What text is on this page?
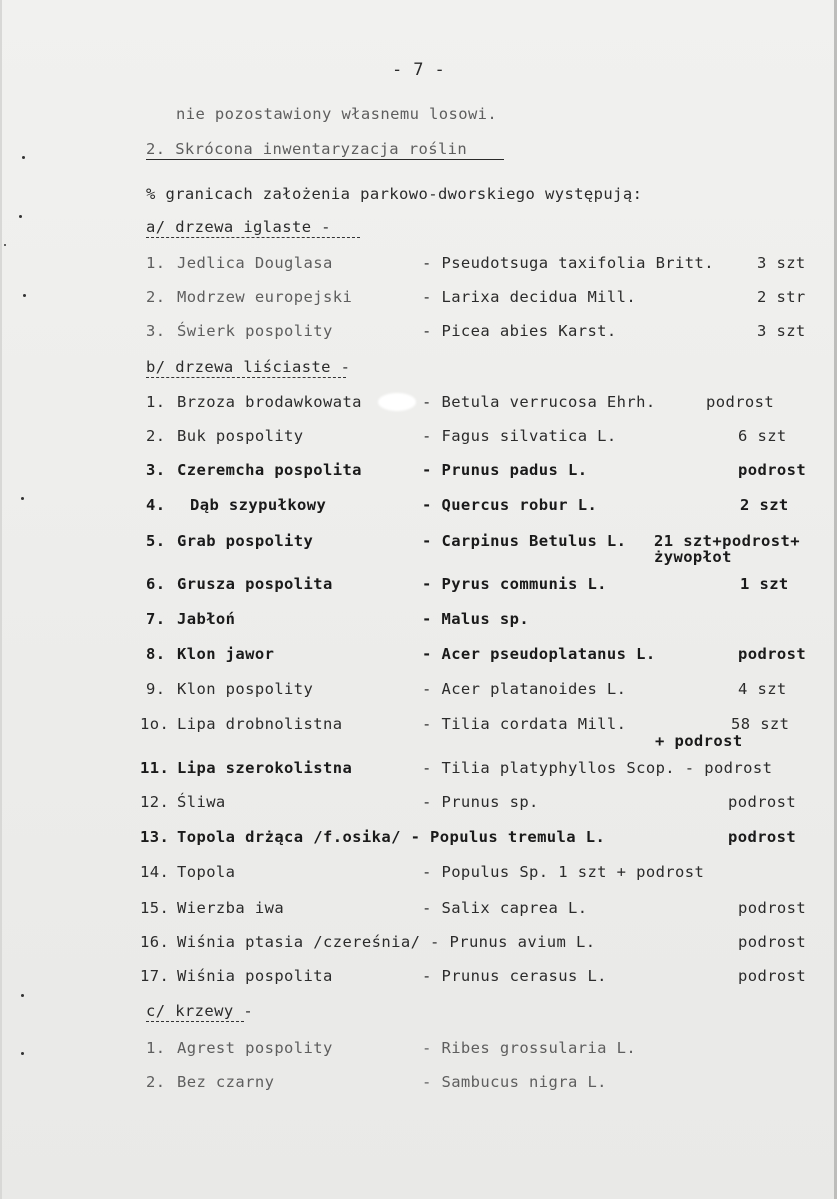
- 7 -
nie pozostawiony własnemu losowi.
2. Skrócona inwentaryzacja roślin
% granicach założenia parkowo-dworskiego występują:
a/ drzewa iglaste -
1. Jedlica Douglasa	- Pseudotsuga taxifolia Britt.	3 szt
2. Modrzew europejski	- Larixa decidua Mill.	2 str
3. Świerk pospolity	- Picea abies Karst.	3 szt
b/ drzewa liściaste -
1. Brzoza brodawkowata	- Betula verrucosa Ehrh.	podrost
2. Buk pospolity	- Fagus silvatica L.	6 szt
3. Czeremcha pospolita	- Prunus padus L.	podrost
4. Dąb szypułkowy	- Quercus robur L.	2 szt
5. Grab pospolity	- Carpinus Betulus L. 21 szt+podrost+
żywopłot
6. Grusza pospolita	- Pyrus communis L.	1 szt
7. Jabłoń	- Malus sp.
8. Klon jawor	- Acer pseudoplatanus L.	podrost
9. Klon pospolity	- Acer platanoides L.	4 szt
1o. Lipa drobnolistna	- Tilia cordata Mill.	58 szt
+ podrost
11. Lipa szerokolistna	- Tilia platyphyllos Scop. - podrost
12. Śliwa	- Prunus sp.	podrost
13. Topola drżąca /f.osika/ - Populus tremula L.	podrost
14. Topola	- Populus Sp. 1 szt + podrost
15. Wierzba iwa	- Salix caprea L.	podrost
16. Wiśnia ptasia /czereśnia/ - Prunus avium L.	podrost
17. Wiśnia pospolita	- Prunus cerasus L.	podrost
c/ krzewy -
1. Agrest pospolity	- Ribes grossularia L.
2. Bez czarny	- Sambucus nigra L.
